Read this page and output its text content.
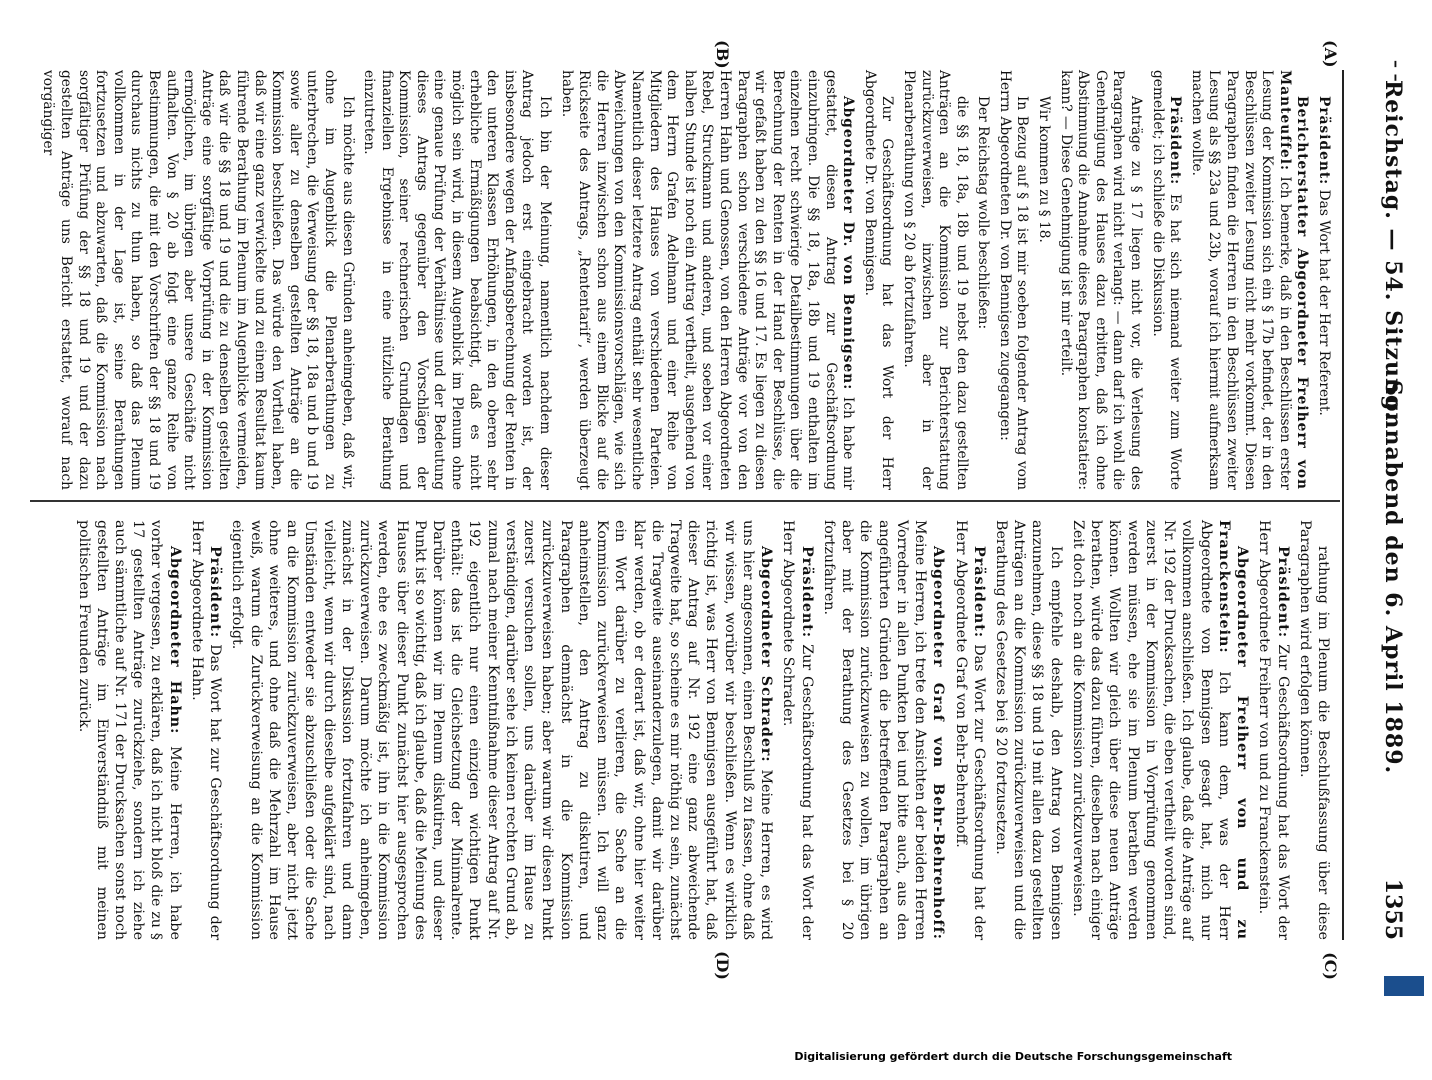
– –
Reichstag. — 54. Sitzung.
Sonnabend den 6. April 1889.
1355
(A)
(B)
(C)
(D)

Präsident: Das Wort hat der Herr Referent.

Berichterstatter Abgeordneter Freiherr von Manteuffel: Ich bemerke, daß in den Beschlüssen erster Lesung der Kommission sich ein § 17b befindet, der in den Beschlüssen zweiter Lesung nicht mehr vorkommt. Diesen Paragraphen finden die Herren in den Beschlüssen zweiter Lesung als §§ 23a und 23b, worauf ich hiermit aufmerksam machen wollte.

Präsident: Es hat sich niemand weiter zum Worte gemeldet; ich schließe die Diskussion.

Anträge zu § 17 liegen nicht vor, die Verlesung des Paragraphen wird nicht verlangt: — dann darf ich wohl die Genehmigung des Hauses dazu erbitten, daß ich ohne Abstimmung die Annahme dieses Paragraphen konstatiere: kann? — Diese Genehmigung ist mir erteilt.

Wir kommen zu § 18.

In Bezug auf § 18 ist mir soeben folgender Antrag vom Herrn Abgeordneten Dr. von Bennigsen zugegangen:

Der Reichstag wolle beschließen:

die §§ 18, 18a, 18b und 19 nebst den dazu gestellten Anträgen an die Kommission zur Berichterstattung zurückzuverweisen, inzwischen aber in der Plenarberathung von § 20 ab fortzufahren.

Zur Geschäftsordnung hat das Wort der Herr Abgeordnete Dr. von Bennigsen.

Abgeordneter Dr. von Bennigsen: Ich habe mir gestattet, diesen Antrag zur Geschäftsordnung einzubringen. Die §§ 18, 18a, 18b und 19 enthalten im einzelnen recht schwierige Detailbestimmungen über die Berechnung der Renten in der Hand der Beschlüsse, die wir gefaßt haben zu den §§ 16 und 17. Es liegen zu diesen Paragraphen schon verschiedene Anträge vor von den Herren Hahn und Genossen, von den Herren Abgeordneten Rebel, Struckmann und anderen, und soeben vor einer halben Stunde ist noch ein Antrag vertheilt, ausgehend von dem Herrn Grafen Adelmann und einer Reihe von Mitgliedern des Hauses von verschiedenen Parteien. Namentlich dieser letztere Antrag enthält sehr wesentliche Abweichungen von den Kommissionsvorschlägen, wie sich die Herren inzwischen schon aus einem Blicke auf die Rückseite des Antrags, „Rententarif“, werden überzeugt haben.

Ich bin der Meinung, namentlich nachdem dieser Antrag jedoch erst eingebracht worden ist, der insbesondere wegen der Anfangsberechnung der Renten in den unteren Klassen Erhöhungen, in den oberen sehr erhebliche Ermäßigungen beabsichtigt, daß es nicht möglich sein wird, in diesem Augenblick im Plenum ohne eine genaue Prüfung der Verhältnisse und der Bedeutung dieses Antrags gegenüber den Vorschlägen der Kommission, seiner rechnerischen Grundlagen und finanziellen Ergebnisse in eine nützliche Berathung einzutreten.

Ich möchte aus diesen Gründen anheimgeben, daß wir, ohne im Augenblick die Plenarberathungen zu unterbrechen, die Verweisung der §§ 18, 18a und b und 19 sowie aller zu denselben gestellten Anträge an die Kommission beschließen. Das würde den Vortheil haben, daß wir eine ganz verwickelte und zu einem Resultat kaum führende Berathung im Plenum im Augenblicke vermeiden, daß wir die §§ 18 und 19 und die zu denselben gestellten Anträge eine sorgfältige Vorprüfung in der Kommission ermöglichen, im übrigen aber unsere Geschäfte nicht aufhalten. Von § 20 ab folgt eine ganze Reihe von Bestimmungen, die mit den Vorschriften der §§ 18 und 19 durchaus nichts zu thun haben, so daß das Plenum vollkommen in der Lage ist, seine Berathungen fortzusetzen und abzuwarten, daß die Kommission nach sorgfältiger Prüfung der §§ 18 und 19 und der dazu gestellten Anträge uns Bericht erstattet, worauf nach vorgängiger

rathung im Plenum die Beschlußfassung über diese Paragraphen wird erfolgen können.

Präsident: Zur Geschäftsordnung hat das Wort der Herr Abgeordnete Freiherr von und zu Franckenstein.

Abgeordneter Freiherr von und zu Franckenstein: Ich kann dem, was der Herr Abgeordnete von Bennigsen gesagt hat, mich nur vollkommen anschließen. Ich glaube, daß die Anträge auf Nr. 192 der Drucksachen, die eben vertheilt worden sind, zuerst in der Kommission in Vorprüfung genommen werden müssen, ehe sie im Plenum berathen werden können. Wollten wir gleich über diese neuen Anträge berathen, würde das dazu führen, dieselben nach einiger Zeit doch noch an die Kommission zurückzuverweisen.

Ich empfehle deshalb, den Antrag von Bennigsen anzunehmen, diese §§ 18 und 19 mit allen dazu gestellten Anträgen an die Kommission zurückzuverweisen und die Berathung des Gesetzes bei § 20 fortzusetzen.

Präsident: Das Wort zur Geschäftsordnung hat der Herr Abgeordnete Graf von Behr-Behrenhoff.

Abgeordneter Graf von Behr-Behrenhoff: Meine Herren, ich trete den Ansichten der beiden Herren Vorredner in allen Punkten bei und bitte auch, aus den angeführten Gründen die betreffenden Paragraphen an die Kommission zurückzuweisen zu wollen, im übrigen aber mit der Berathung des Gesetzes bei § 20 fortzufahren.

Präsident: Zur Geschäftsordnung hat das Wort der Herr Abgeordnete Schrader.

Abgeordneter Schrader: Meine Herren, es wird uns hier angesonnen, einen Beschluß zu fassen, ohne daß wir wissen, worüber wir beschließen. Wenn es wirklich richtig ist, was Herr von Bennigsen ausgeführt hat, daß dieser Antrag auf Nr. 192 eine ganz abweichende Tragweite hat, so scheine es mir nöthig zu sein, zunächst die Tragweite auseinanderzulegen, damit wir darüber klar werden, ob er derart ist, daß wir, ohne hier weiter ein Wort darüber zu verlieren, die Sache an die Kommission zurückverweisen müssen. Ich will ganz anheimstellen, den Antrag zu diskutiren, und Paragraphen demnächst in die Kommission zurückzuverweisen haben; aber warum wir diesen Punkt zuerst versuchen sollen, uns darüber im Hause zu verständigen, darüber sehe ich keinen rechten Grund ab, zumal nach meiner Kenntnißnahme dieser Antrag auf Nr. 192 eigentlich nur einen einzigen wichtigen Punkt enthält: das ist die Gleichsetzung der Minimalrente. Darüber können wir im Plenum diskutiren, und dieser Punkt ist so wichtig, daß ich glaube, daß die Meinung des Hauses über dieser Punkt zunächst hier ausgesprochen werden, ehe es zweckmäßig ist, ihn in die Kommission zurückzuverweisen. Darum möchte ich anheimgeben, zunächst in der Diskussion fortzufahren und dann vielleicht, wenn wir durch dieselbe aufgeklärt sind, nach Umständen entweder sie abzuschließen oder die Sache an die Kommission zurückzuverweisen, aber nicht jetzt ohne weiteres, und ohne daß die Mehrzahl im Hause weiß, warum die Zurückverweisung an die Kommission eigentlich erfolgt.

Präsident: Das Wort hat zur Geschäftsordnung der Herr Abgeordnete Hahn.

Abgeordneter Hahn: Meine Herren, ich habe vorher vergessen, zu erklären, daß ich nicht bloß die zu § 17 gestellten Anträge zurückziehe, sondern ich ziehe auch sämmtliche auf Nr. 171 der Drucksachen sonst noch gestellten Anträge im Einverständniß mit meinen politischen Freunden zurück.

Digitalisierung gefördert durch die Deutsche Forschungsgemeinschaft
